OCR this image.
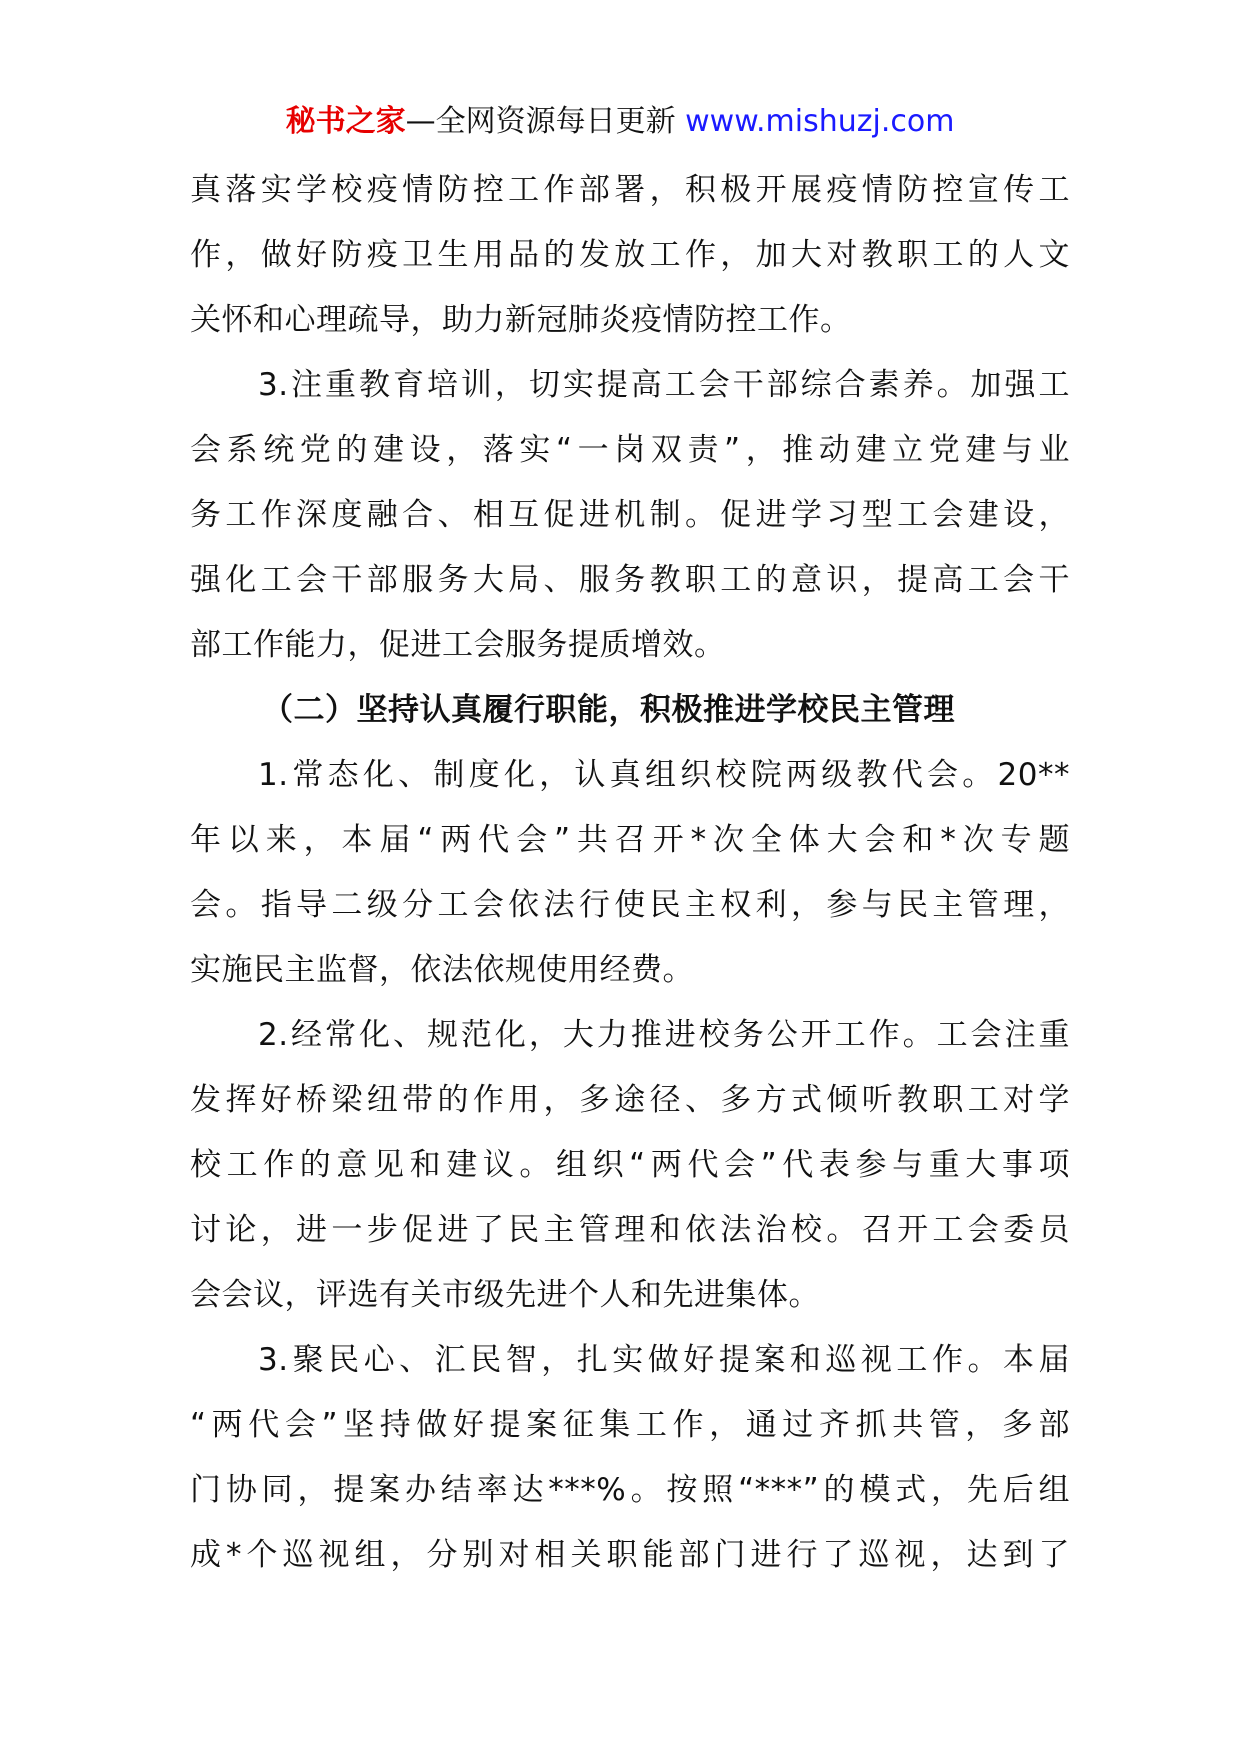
秘书之家—全网资源每日更新 www.mishuzj.com
真落实学校疫情防控工作部署，积极开展疫情防控宣传工
作，做好防疫卫生用品的发放工作，加大对教职工的人文
关怀和心理疏导，助力新冠肺炎疫情防控工作。
3.注重教育培训，切实提高工会干部综合素养。加强工
会系统党的建设，落实“一岗双责”，推动建立党建与业
务工作深度融合、相互促进机制。促进学习型工会建设，
强化工会干部服务大局、服务教职工的意识，提高工会干
部工作能力，促进工会服务提质增效。
（二）坚持认真履行职能，积极推进学校民主管理
1.常态化、制度化，认真组织校院两级教代会。20**
年以来，本届“两代会”共召开*次全体大会和*次专题
会。指导二级分工会依法行使民主权利，参与民主管理，
实施民主监督，依法依规使用经费。
2.经常化、规范化，大力推进校务公开工作。工会注重
发挥好桥梁纽带的作用，多途径、多方式倾听教职工对学
校工作的意见和建议。组织“两代会”代表参与重大事项
讨论，进一步促进了民主管理和依法治校。召开工会委员
会会议，评选有关市级先进个人和先进集体。
3.聚民心、汇民智，扎实做好提案和巡视工作。本届
“两代会”坚持做好提案征集工作，通过齐抓共管，多部
门协同，提案办结率达***%。按照“***”的模式，先后组
成*个巡视组，分别对相关职能部门进行了巡视，达到了
